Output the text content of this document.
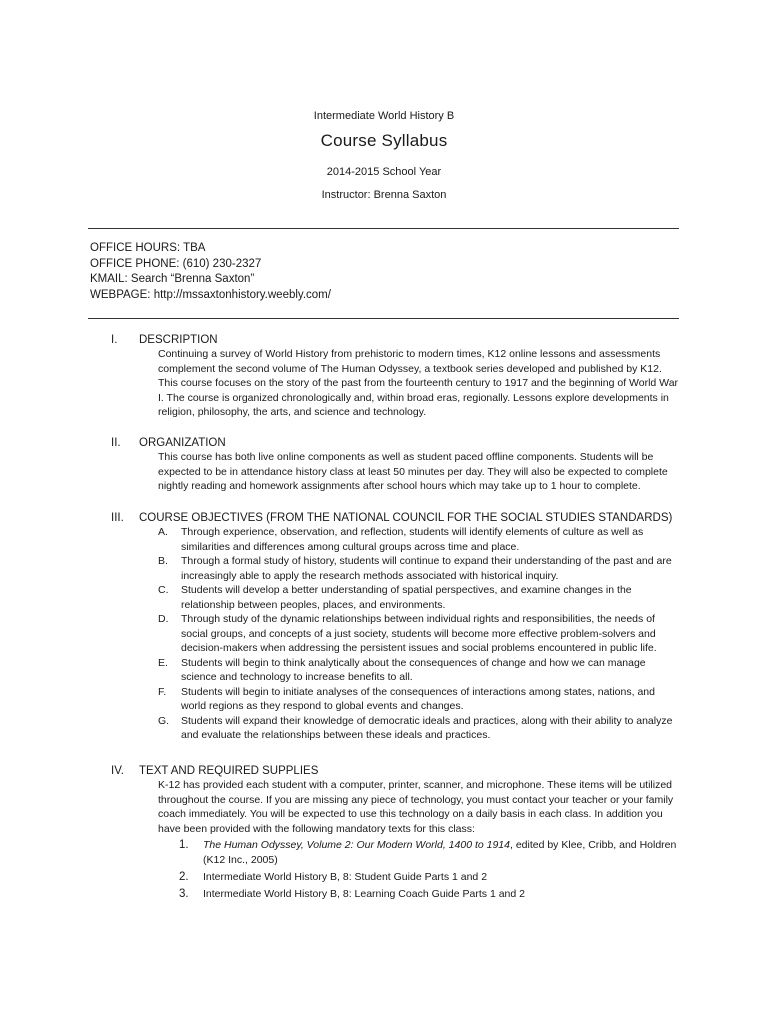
Intermediate World History B
Course Syllabus
2014-2015 School Year
Instructor: Brenna Saxton
OFFICE HOURS: TBA
OFFICE PHONE: (610) 230-2327
KMAIL: Search “Brenna Saxton”
WEBPAGE: http://mssaxtonhistory.weebly.com/
I. DESCRIPTION
Continuing a survey of World History from prehistoric to modern times, K12 online lessons and assessments complement the second volume of The Human Odyssey, a textbook series developed and published by K12. This course focuses on the story of the past from the fourteenth century to 1917 and the beginning of World War I. The course is organized chronologically and, within broad eras, regionally. Lessons explore developments in religion, philosophy, the arts, and science and technology.
II. ORGANIZATION
This course has both live online components as well as student paced offline components. Students will be expected to be in attendance history class at least 50 minutes per day. They will also be expected to complete nightly reading and homework assignments after school hours which may take up to 1 hour to complete.
III. COURSE OBJECTIVES (FROM THE NATIONAL COUNCIL FOR THE SOCIAL STUDIES STANDARDS)
A.	Through experience, observation, and reflection, students will identify elements of culture as well as similarities and differences among cultural groups across time and place.
B.	Through a formal study of history, students will continue to expand their understanding of the past and are increasingly able to apply the research methods associated with historical inquiry.
C.	Students will develop a better understanding of spatial perspectives, and examine changes in the relationship between peoples, places, and environments.
D.	Through study of the dynamic relationships between individual rights and responsibilities, the needs of social groups, and concepts of a just society, students will become more effective problem-solvers and decision-makers when addressing the persistent issues and social problems encountered in public life.
E.	Students will begin to think analytically about the consequences of change and how we can manage science and technology to increase benefits to all.
F.	Students will begin to initiate analyses of the consequences of interactions among states, nations, and world regions as they respond to global events and changes.
G.	Students will expand their knowledge of democratic ideals and practices, along with their ability to analyze and evaluate the relationships between these ideals and practices.
IV. TEXT AND REQUIRED SUPPLIES
K-12 has provided each student with a computer, printer, scanner, and microphone. These items will be utilized throughout the course. If you are missing any piece of technology, you must contact your teacher or your family coach immediately. You will be expected to use this technology on a daily basis in each class. In addition you have been provided with the following mandatory texts for this class:
1.	The Human Odyssey, Volume 2: Our Modern World, 1400 to 1914, edited by Klee, Cribb, and Holdren (K12 Inc., 2005)
2.	Intermediate World History B, 8: Student Guide Parts 1 and 2
3.	Intermediate World History B, 8: Learning Coach Guide Parts 1 and 2
